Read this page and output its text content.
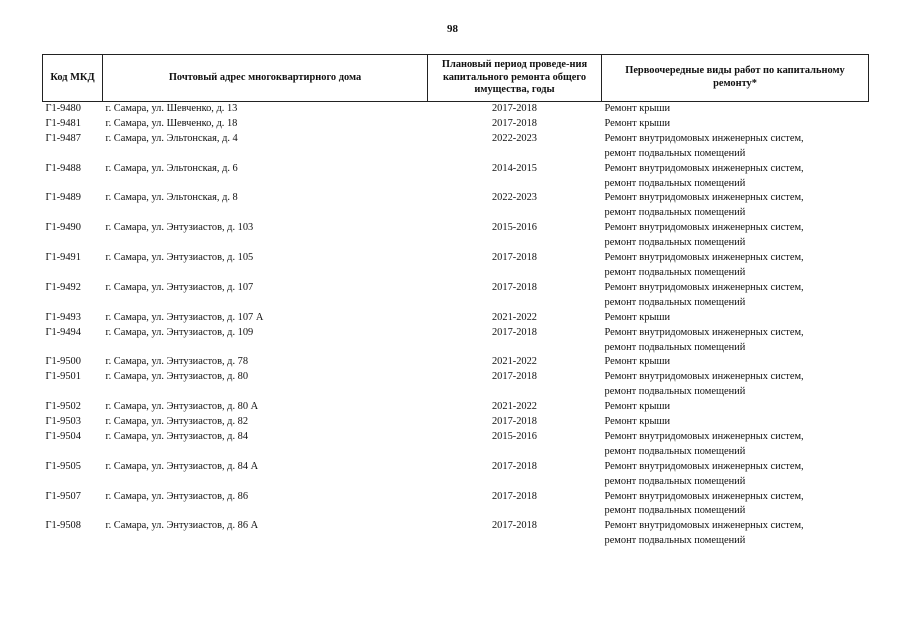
98
Код МКД	Почтовый адрес многоквартирного дома	Плановый период проведе-ния капитального ремонта общего имущества, годы	Первоочередные виды работ по капитальному ремонту*
Г1-9480	г. Самара, ул. Шевченко, д. 13	2017-2018	Ремонт крыши

Г1-9481	г. Самара, ул. Шевченко, д. 18	2017-2018	Ремонт крыши

Г1-9487	г. Самара, ул. Эльтонская, д. 4	2022-2023	Ремонт внутридомовых инженерных систем,
ремонт подвальных помещений

Г1-9488	г. Самара, ул. Эльтонская, д. 6	2014-2015	Ремонт внутридомовых инженерных систем,
ремонт подвальных помещений

Г1-9489	г. Самара, ул. Эльтонская, д. 8	2022-2023	Ремонт внутридомовых инженерных систем,
ремонт подвальных помещений

Г1-9490	г. Самара, ул. Энтузиастов, д. 103	2015-2016	Ремонт внутридомовых инженерных систем,
ремонт подвальных помещений

Г1-9491	г. Самара, ул. Энтузиастов, д. 105	2017-2018	Ремонт внутридомовых инженерных систем,
ремонт подвальных помещений

Г1-9492	г. Самара, ул. Энтузиастов, д. 107	2017-2018	Ремонт внутридомовых инженерных систем,
ремонт подвальных помещений

Г1-9493	г. Самара, ул. Энтузиастов, д. 107 А	2021-2022	Ремонт крыши

Г1-9494	г. Самара, ул. Энтузиастов, д. 109	2017-2018	Ремонт внутридомовых инженерных систем,
ремонт подвальных помещений

Г1-9500	г. Самара, ул. Энтузиастов, д. 78	2021-2022	Ремонт крыши

Г1-9501	г. Самара, ул. Энтузиастов, д. 80	2017-2018	Ремонт внутридомовых инженерных систем,
ремонт подвальных помещений

Г1-9502	г. Самара, ул. Энтузиастов, д. 80 А	2021-2022	Ремонт крыши

Г1-9503	г. Самара, ул. Энтузиастов, д. 82	2017-2018	Ремонт крыши

Г1-9504	г. Самара, ул. Энтузиастов, д. 84	2015-2016	Ремонт внутридомовых инженерных систем,
ремонт подвальных помещений

Г1-9505	г. Самара, ул. Энтузиастов, д. 84 А	2017-2018	Ремонт внутридомовых инженерных систем,
ремонт подвальных помещений

Г1-9507	г. Самара, ул. Энтузиастов, д. 86	2017-2018	Ремонт внутридомовых инженерных систем,
ремонт подвальных помещений

Г1-9508	г. Самара, ул. Энтузиастов, д. 86 А	2017-2018	Ремонт внутридомовых инженерных систем,
ремонт подвальных помещений
